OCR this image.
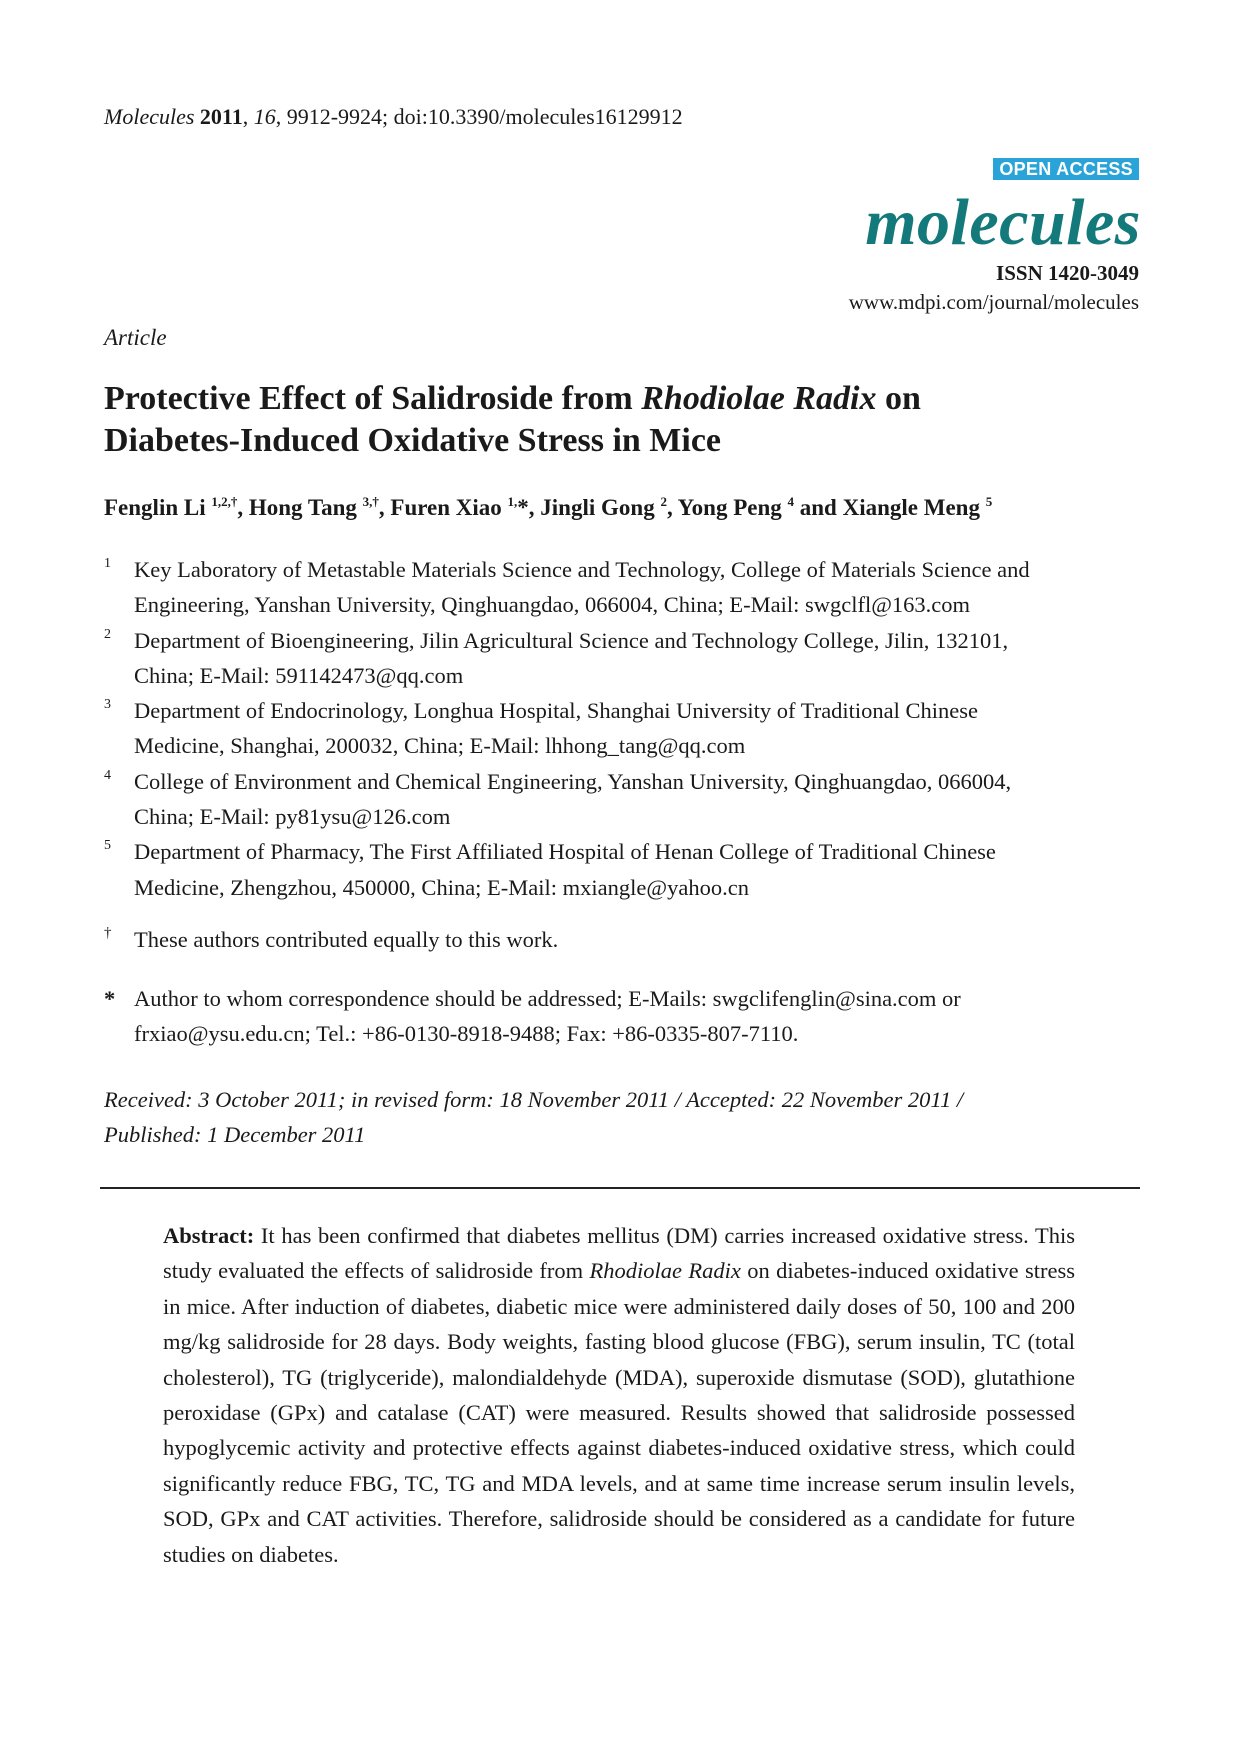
Molecules 2011, 16, 9912-9924; doi:10.3390/molecules16129912
OPEN ACCESS
molecules
ISSN 1420-3049
www.mdpi.com/journal/molecules
Article
Protective Effect of Salidroside from Rhodiolae Radix on
Diabetes-Induced Oxidative Stress in Mice
Fenglin Li $^{1,2,\dagger}$, Hong Tang $^{3,\dagger}$, Furen Xiao $^{1,}$*, Jingli Gong $^2$, Yong Peng $^4$ and Xiangle Meng $^5$
1 Key Laboratory of Metastable Materials Science and Technology, College of Materials Science and
Engineering, Yanshan University, Qinghuangdao, 066004, China; E-Mail: swgclfl@163.com
2 Department of Bioengineering, Jilin Agricultural Science and Technology College, Jilin, 132101,
China; E-Mail: 591142473@qq.com
3 Department of Endocrinology, Longhua Hospital, Shanghai University of Traditional Chinese
Medicine, Shanghai, 200032, China; E-Mail: lhhong_tang@qq.com
4 College of Environment and Chemical Engineering, Yanshan University, Qinghuangdao, 066004,
China; E-Mail: py81ysu@126.com
5 Department of Pharmacy, The First Affiliated Hospital of Henan College of Traditional Chinese
Medicine, Zhengzhou, 450000, China; E-Mail: mxiangle@yahoo.cn
† These authors contributed equally to this work.
* Author to whom correspondence should be addressed; E-Mails: swgclifenglin@sina.com or
frxiao@ysu.edu.cn; Tel.: +86-0130-8918-9488; Fax: +86-0335-807-7110.
Received: 3 October 2011; in revised form: 18 November 2011 / Accepted: 22 November 2011 /
Published: 1 December 2011
Abstract: It has been confirmed that diabetes mellitus (DM) carries increased oxidative stress. This study evaluated the effects of salidroside from Rhodiolae Radix on diabetes-induced oxidative stress in mice. After induction of diabetes, diabetic mice were administered daily doses of 50, 100 and 200 mg/kg salidroside for 28 days. Body weights, fasting blood glucose (FBG), serum insulin, TC (total cholesterol), TG (triglyceride), malondialdehyde (MDA), superoxide dismutase (SOD), glutathione peroxidase (GPx) and catalase (CAT) were measured. Results showed that salidroside possessed hypoglycemic activity and protective effects against diabetes-induced oxidative stress, which could significantly reduce FBG, TC, TG and MDA levels, and at same time increase serum insulin levels, SOD, GPx and CAT activities. Therefore, salidroside should be considered as a candidate for future studies on diabetes.
